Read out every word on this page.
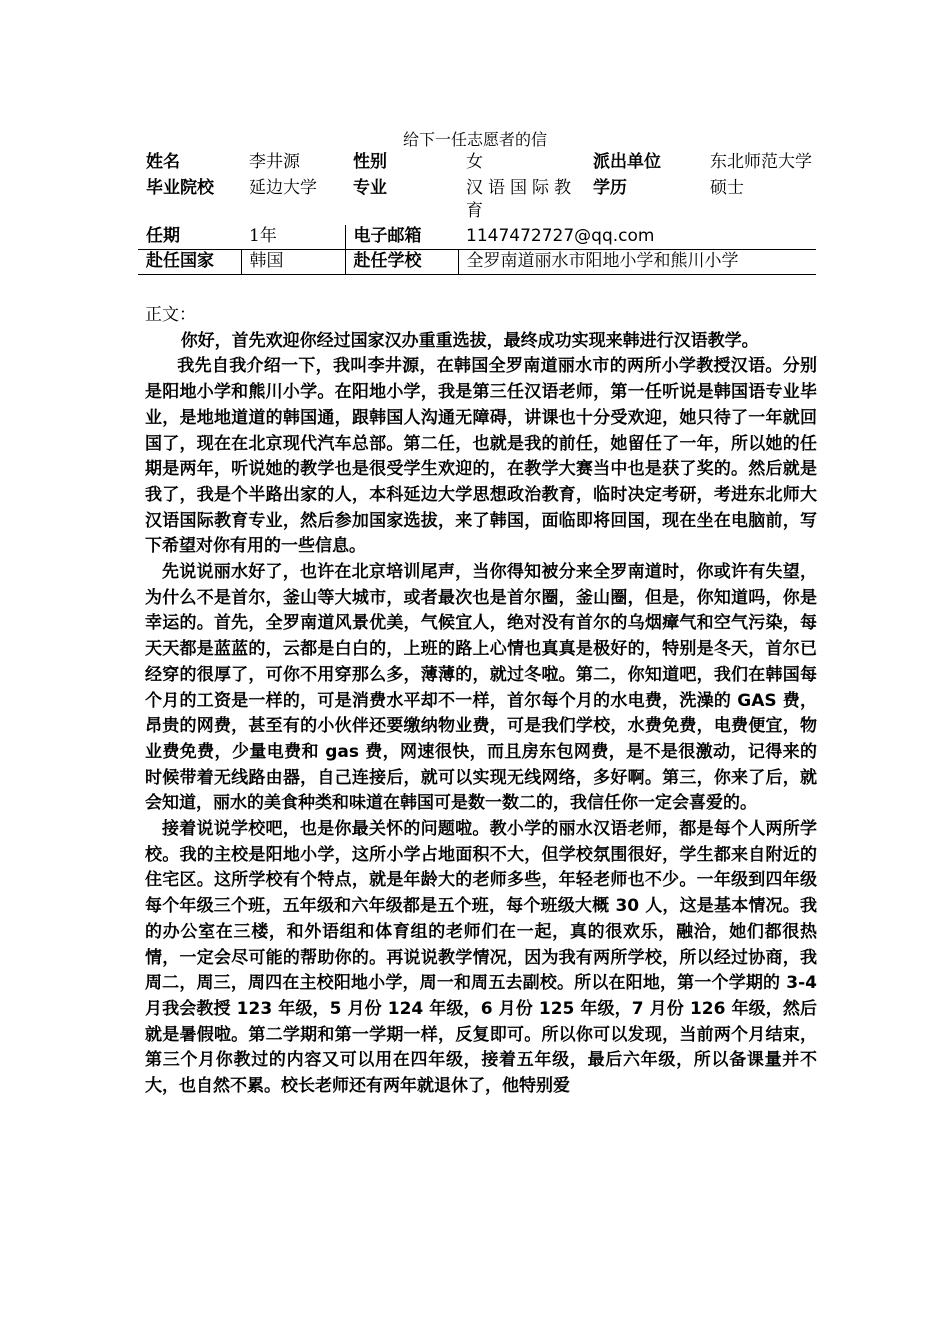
给下一任志愿者的信
姓名	李井源	性别	女	派出单位	东北师范大学
毕业院校	延边大学	专业	汉语国际教育	学历	硕士
任期	1年	电子邮箱	1147472727@qq.com		
赴任国家	韩国	赴任学校	全罗南道丽水市阳地小学和熊川小学		

正文：

你好，首先欢迎你经过国家汉办重重选拔，最终成功实现来韩进行汉语教学。

我先自我介绍一下，我叫李井源，在韩国全罗南道丽水市的两所小学教授汉语。分别是阳地小学和熊川小学。在阳地小学，我是第三任汉语老师，第一任听说是韩国语专业毕业，是地地道道的韩国通，跟韩国人沟通无障碍，讲课也十分受欢迎，她只待了一年就回国了，现在在北京现代汽车总部。第二任，也就是我的前任，她留任了一年，所以她的任期是两年，听说她的教学也是很受学生欢迎的，在教学大赛当中也是获了奖的。然后就是我了，我是个半路出家的人，本科延边大学思想政治教育，临时决定考研，考进东北师大汉语国际教育专业，然后参加国家选拔，来了韩国，面临即将回国，现在坐在电脑前，写下希望对你有用的一些信息。

先说说丽水好了，也许在北京培训尾声，当你得知被分来全罗南道时，你或许有失望，为什么不是首尔，釜山等大城市，或者最次也是首尔圈，釜山圈，但是，你知道吗，你是幸运的。首先，全罗南道风景优美，气候宜人，绝对没有首尔的乌烟瘴气和空气污染，每天天都是蓝蓝的，云都是白白的，上班的路上心情也真真是极好的，特别是冬天，首尔已经穿的很厚了，可你不用穿那么多，薄薄的，就过冬啦。第二，你知道吧，我们在韩国每个月的工资是一样的，可是消费水平却不一样，首尔每个月的水电费，洗澡的 GAS 费，昂贵的网费，甚至有的小伙伴还要缴纳物业费，可是我们学校，水费免费，电费便宜，物业费免费，少量电费和 gas 费，网速很快，而且房东包网费，是不是很激动，记得来的时候带着无线路由器，自己连接后，就可以实现无线网络，多好啊。第三，你来了后，就会知道，丽水的美食种类和味道在韩国可是数一数二的，我信任你一定会喜爱的。

接着说说学校吧，也是你最关怀的问题啦。教小学的丽水汉语老师，都是每个人两所学校。我的主校是阳地小学，这所小学占地面积不大，但学校氛围很好，学生都来自附近的住宅区。这所学校有个特点，就是年龄大的老师多些，年轻老师也不少。一年级到四年级每个年级三个班，五年级和六年级都是五个班，每个班级大概 30 人，这是基本情况。我的办公室在三楼，和外语组和体育组的老师们在一起，真的很欢乐，融洽，她们都很热情，一定会尽可能的帮助你的。再说说教学情况，因为我有两所学校，所以经过协商，我周二，周三，周四在主校阳地小学，周一和周五去副校。所以在阳地，第一个学期的 3-4 月我会教授 123 年级，5 月份 124 年级，6 月份 125 年级，7 月份 126 年级，然后就是暑假啦。第二学期和第一学期一样，反复即可。所以你可以发现，当前两个月结束，第三个月你教过的内容又可以用在四年级，接着五年级，最后六年级，所以备课量并不大，也自然不累。校长老师还有两年就退休了，他特别爱
